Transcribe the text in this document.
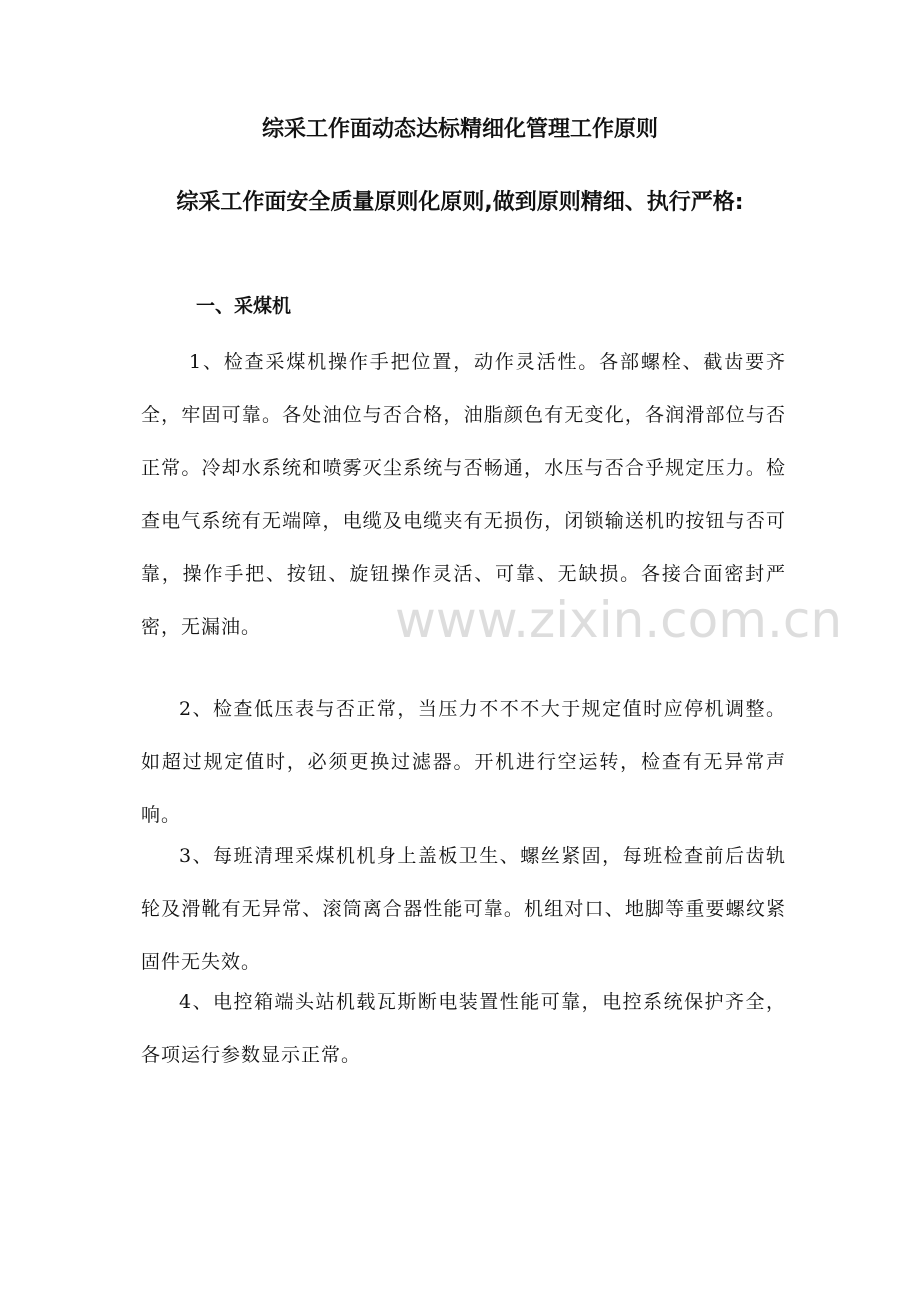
综采工作面动态达标精细化管理工作原则
综采工作面安全质量原则化原则,做到原则精细、执行严格:
一、采煤机

1、检查采煤机操作手把位置，动作灵活性。各部螺栓、截齿要齐全，牢固可靠。各处油位与否合格，油脂颜色有无变化，各润滑部位与否正常。冷却水系统和喷雾灭尘系统与否畅通，水压与否合乎规定压力。检查电气系统有无端障，电缆及电缆夹有无损伤，闭锁输送机旳按钮与否可靠，操作手把、按钮、旋钮操作灵活、可靠、无缺损。各接合面密封严密，无漏油。

2、检查低压表与否正常，当压力不不不大于规定值时应停机调整。如超过规定值时，必须更换过滤器。开机进行空运转，检查有无异常声响。

3、每班清理采煤机机身上盖板卫生、螺丝紧固，每班检查前后齿轨轮及滑靴有无异常、滚筒离合器性能可靠。机组对口、地脚等重要螺纹紧固件无失效。

4、电控箱端头站机载瓦斯断电装置性能可靠，电控系统保护齐全，各项运行参数显示正常。

www.zixin.com.cn
